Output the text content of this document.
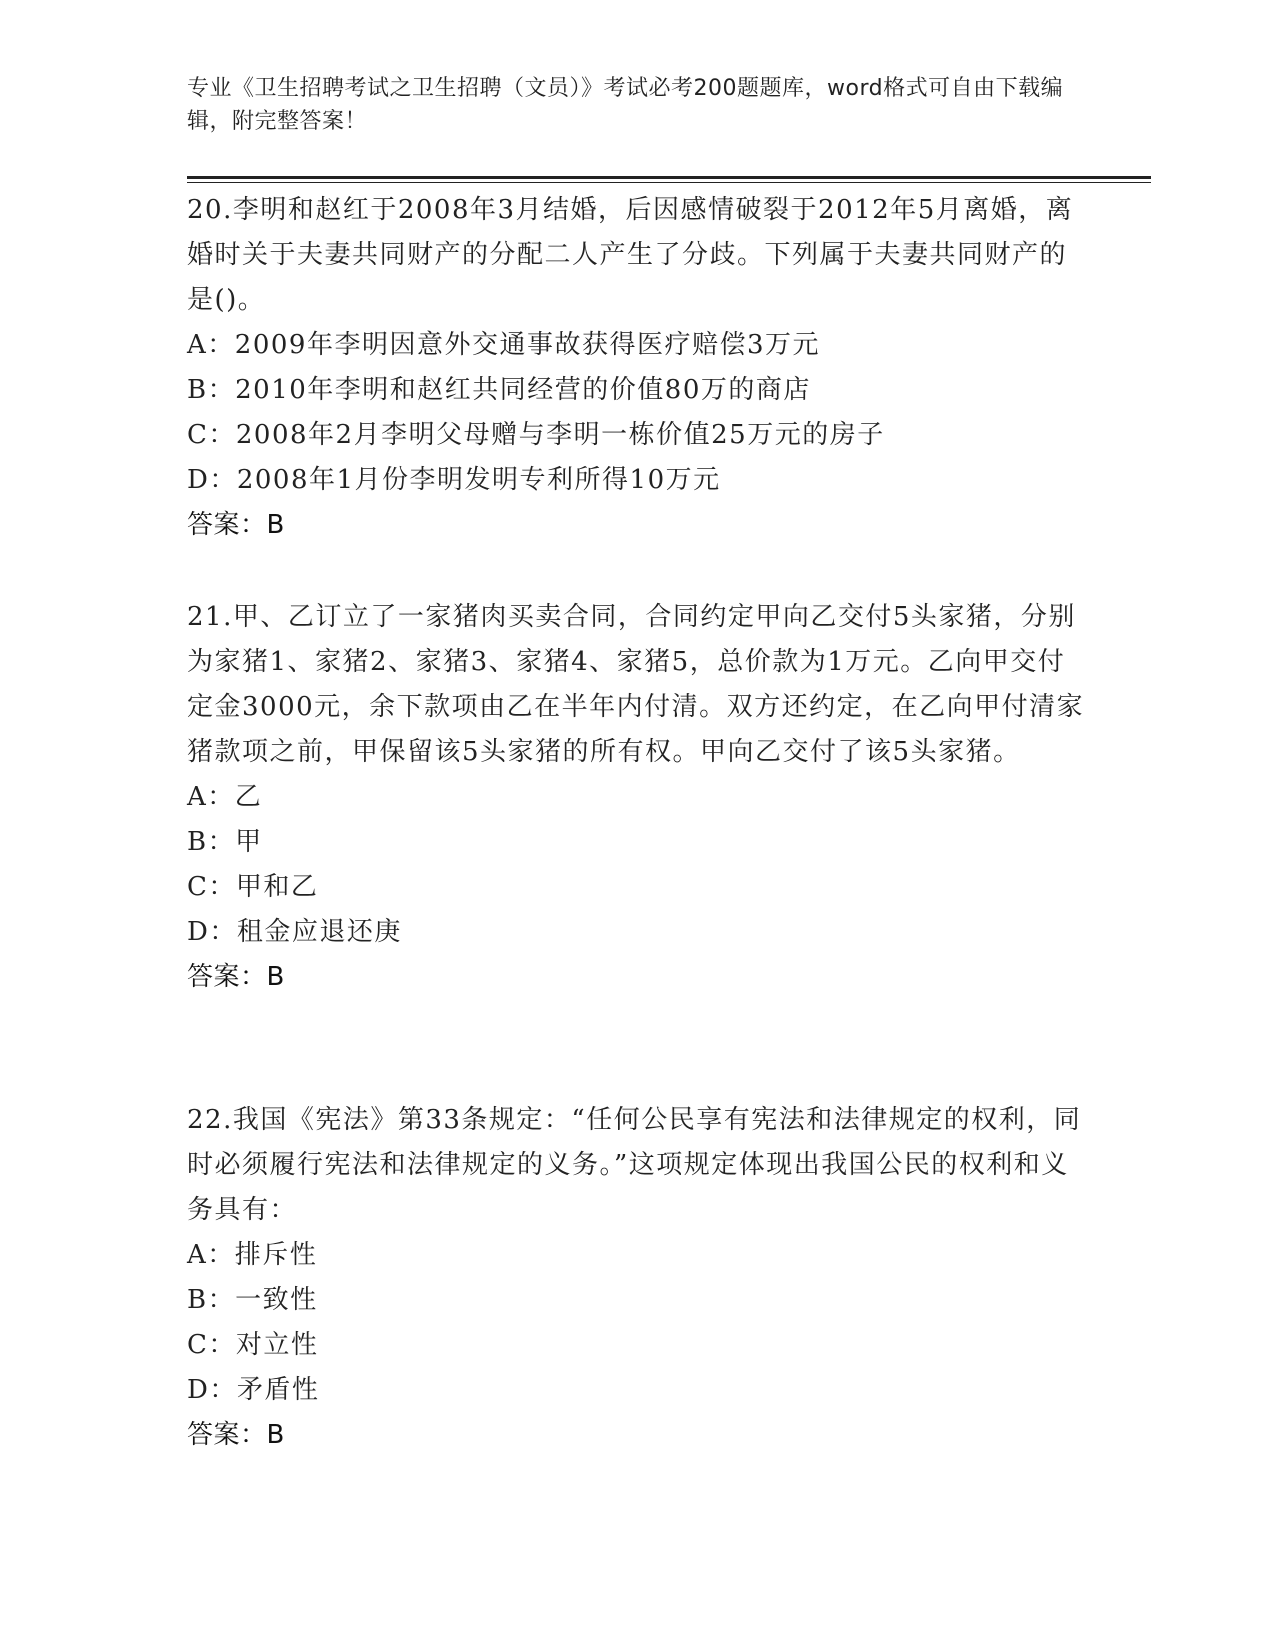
专业《卫生招聘考试之卫生招聘（文员）》考试必考200题题库，word格式可自由下载编辑，附完整答案！

20.李明和赵红于2008年3月结婚，后因感情破裂于2012年5月离婚，离婚时关于夫妻共同财产的分配二人产生了分歧。下列属于夫妻共同财产的是()。

A：2009年李明因意外交通事故获得医疗赔偿3万元

B：2010年李明和赵红共同经营的价值80万的商店

C：2008年2月李明父母赠与李明一栋价值25万元的房子

D：2008年1月份李明发明专利所得10万元

答案：B

21.甲、乙订立了一家猪肉买卖合同，合同约定甲向乙交付5头家猪，分别为家猪1、家猪2、家猪3、家猪4、家猪5，总价款为1万元。乙向甲交付定金3000元，余下款项由乙在半年内付清。双方还约定，在乙向甲付清家猪款项之前，甲保留该5头家猪的所有权。甲向乙交付了该5头家猪。

A：乙

B：甲

C：甲和乙

D：租金应退还庚

答案：B

22.我国《宪法》第33条规定：“任何公民享有宪法和法律规定的权利，同时必须履行宪法和法律规定的义务。”这项规定体现出我国公民的权利和义务具有：

A：排斥性

B：一致性

C：对立性

D：矛盾性

答案：B
